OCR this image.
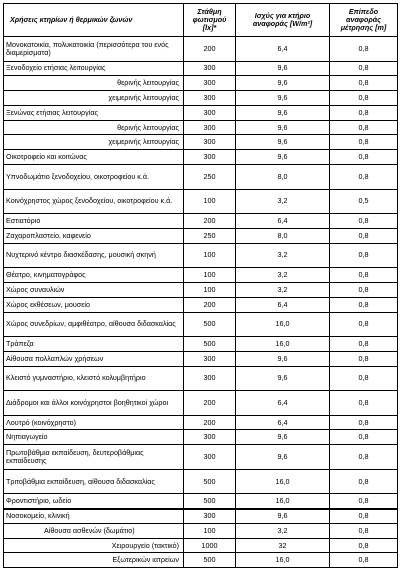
Χρήσεις κτηρίων ή θερμικών ζωνών	Στάθμη φωτισμού [lx]*	Ισχύς για κτήριο αναφοράς [W/m²]	Επίπεδο αναφοράς μέτρησης [m]
Μονοκατοικία, πολυκατοικία (περισσότερα του ενός διαμερίσματα)	200	6,4	0,8
Ξενοδοχείο ετήσιας λειτουργίας	300	9,6	0,8
θερινής λειτουργίας	300	9,6	0,8
χειμερινής λειτουργίας	300	9,6	0,8
Ξενώνας ετήσιας λειτουργίας	300	9,6	0,8
θερινής λειτουργίας	300	9,6	0,8
χειμερινής λειτουργίας	300	9,6	0,8
Οικοτροφείο και κοιτώνας	300	9,6	0,8
Υπνοδωμάτιο ξενοδοχείου, οικοτροφείου κ.ά.	250	8,0	0,8
Κοινόχρηστος χώρος ξενοδοχείου, οικοτροφείου κ.ά.	100	3,2	0,5
Εστιατόριο	200	6,4	0,8
Ζαχαροπλαστείο, καφενείο	250	8,0	0,8
Νυχτερινό κέντρο διασκέδασης, μουσική σκηνή	100	3,2	0,8
Θέατρο, κινηματογράφος	100	3,2	0,8
Χώρος συναυλιών	100	3,2	0,8
Χώρος εκθέσεων, μουσείο	200	6,4	0,8
Χώρος συνεδρίων, αμφιθέατρο, αίθουσα διδασκαλίας	500	16,0	0,8
Τράπεζα	500	16,0	0,8
Αίθουσα πολλαπλών χρήσεων	300	9,6	0,8
Κλειστό γυμναστήριο, κλειστό κολυμβητήριο	300	9,6	0,8
Διάδρομοι και άλλοι κοινόχρηστοι βοηθητικοί χώροι	200	6,4	0,8
Λουτρό (κοινόχρηστο)	200	6,4	0,8
Νηπιαγωγείο	300	9,6	0,8
Πρωτοβάθμια εκπαίδευση, δευτεροβάθμιας εκπαίδευσης	300	9,6	0,8
Τριτοβάθμια εκπαίδευση, αίθουσα διδασκαλίας	500	16,0	0,8
Φροντιστήριο, ωδείο	500	16,0	0,8
Νοσοκομείο, κλινική	300	9,6	0,8
Αίθουσα ασθενών (δωμάτιο)	100	3,2	0,8
Χειρουργείο (τακτικό)	1000	32	0,8
Εξωτερικών ιατρείων	500	16,0	0,8
